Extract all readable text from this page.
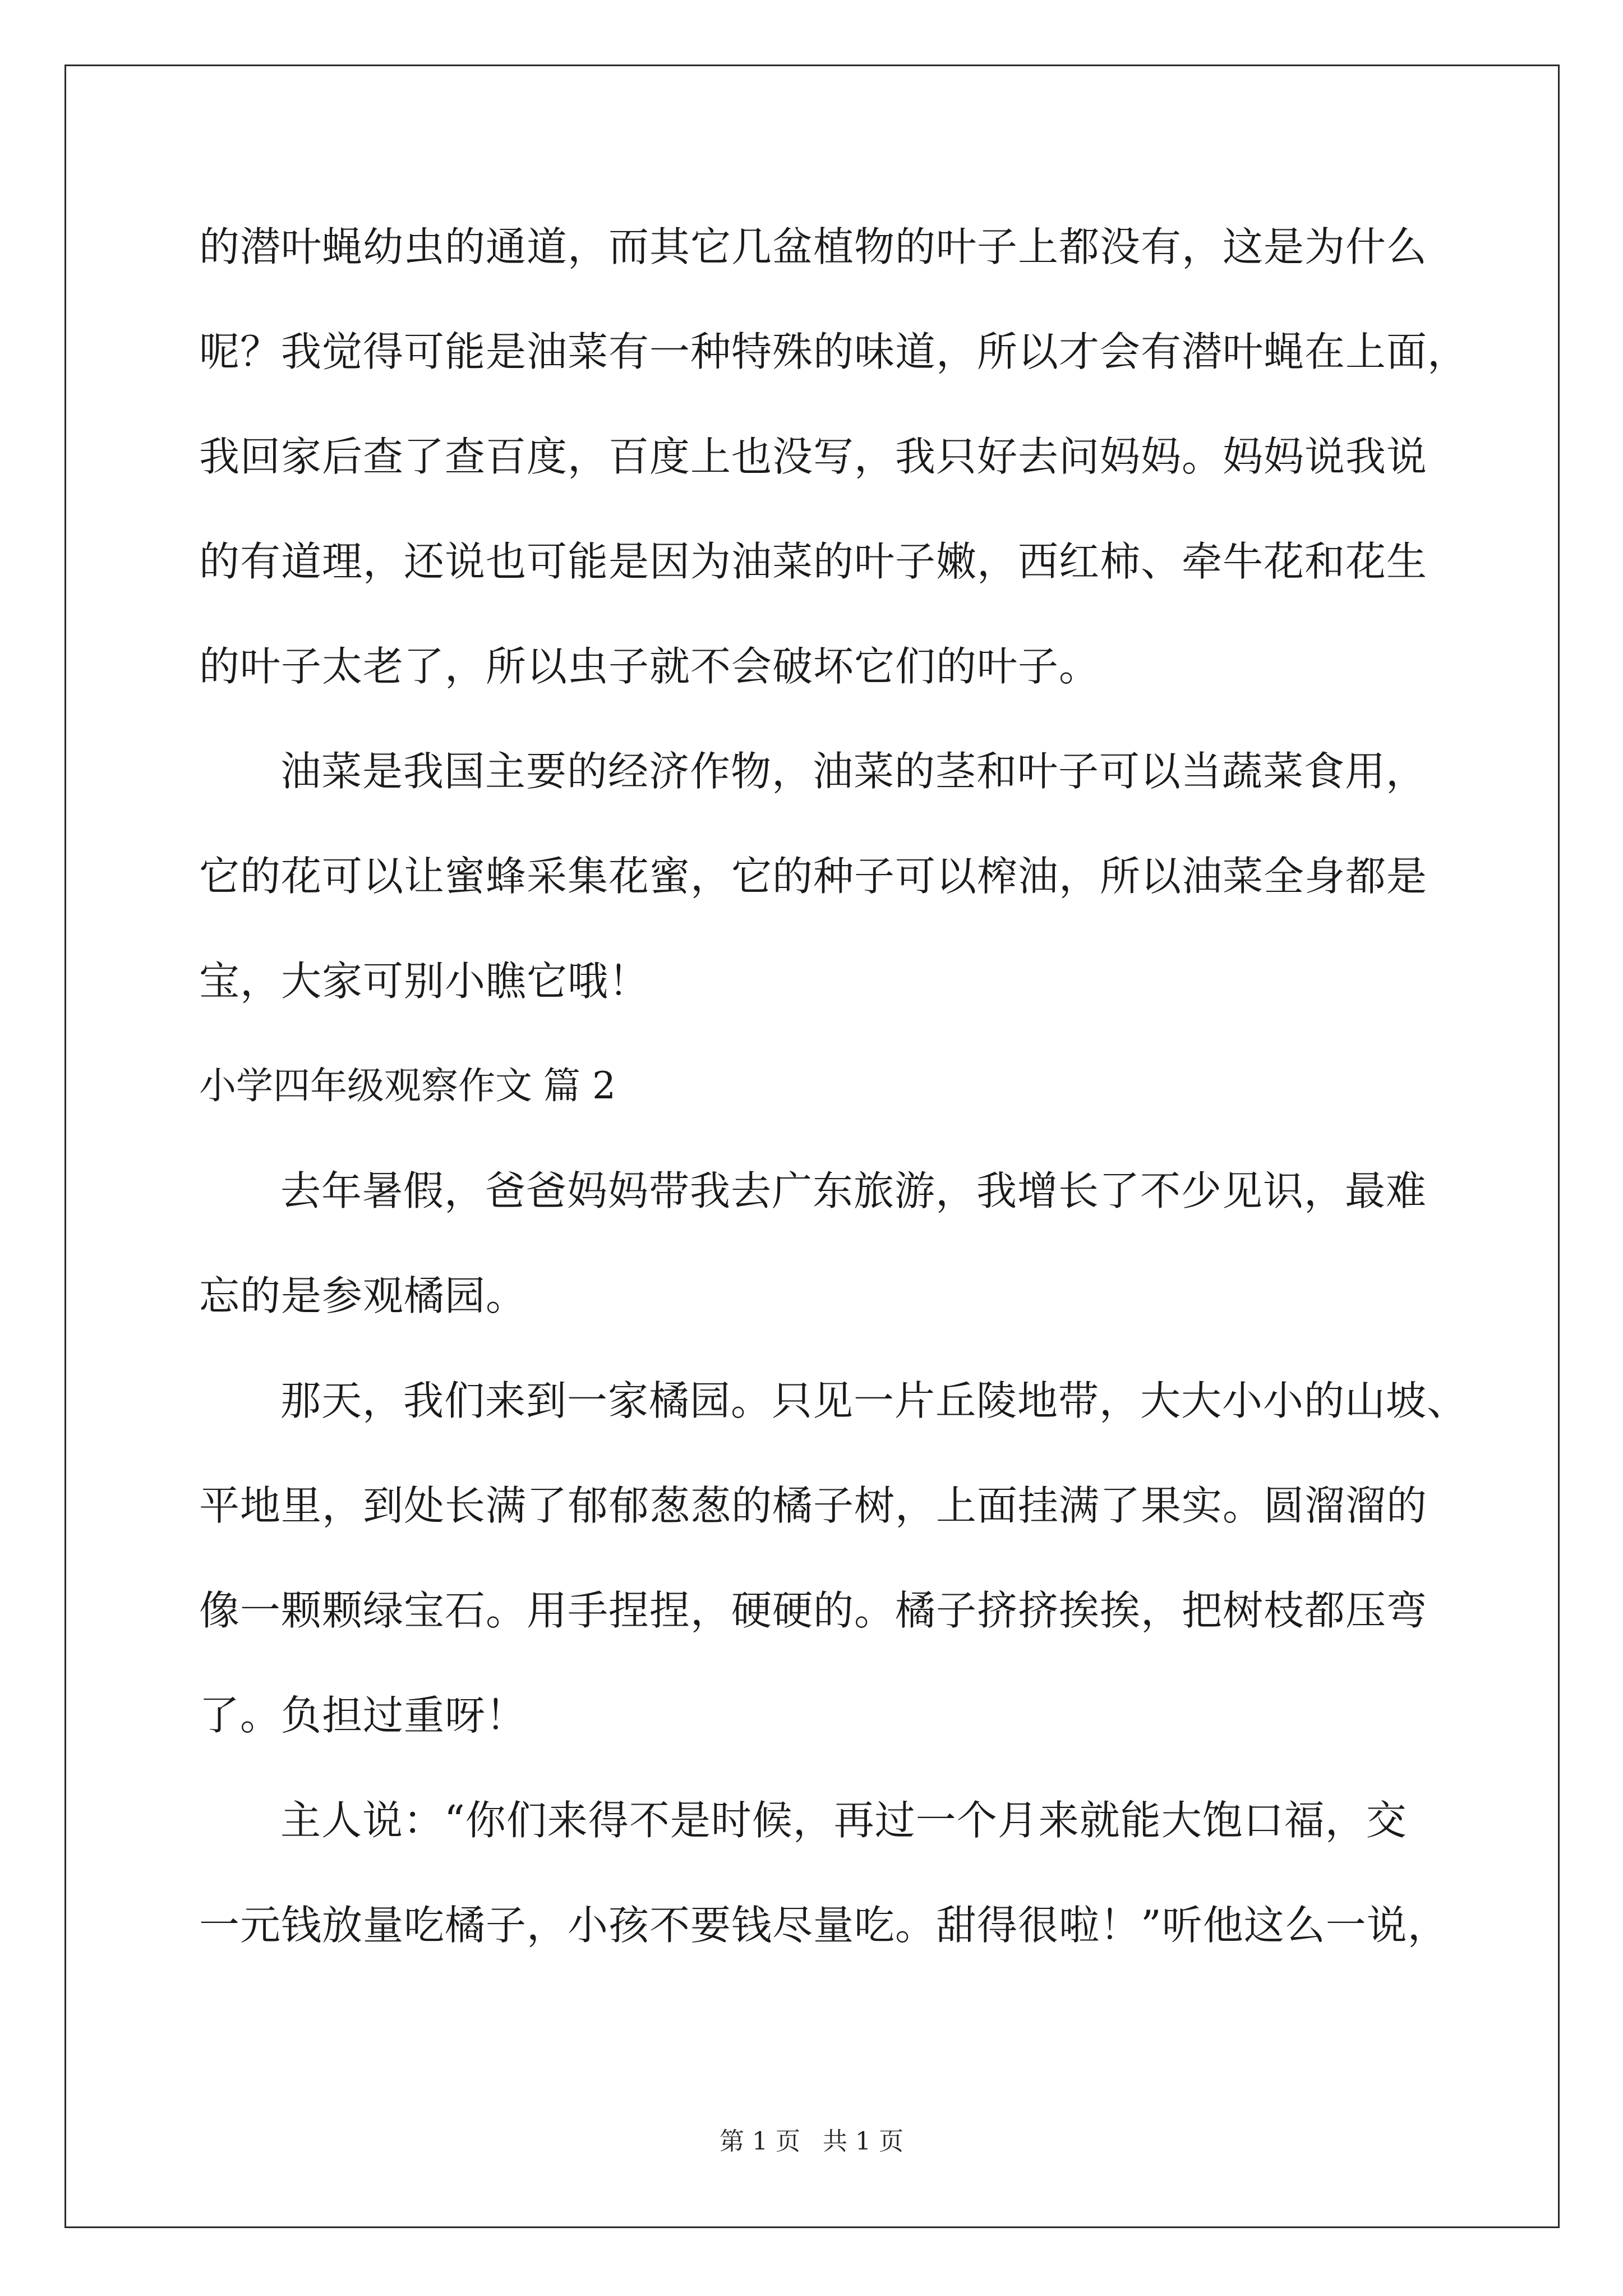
的潜叶蝇幼虫的通道，而其它几盆植物的叶子上都没有，这是为什么
呢？我觉得可能是油菜有一种特殊的味道，所以才会有潜叶蝇在上面，
我回家后查了查百度，百度上也没写，我只好去问妈妈。妈妈说我说
的有道理，还说也可能是因为油菜的叶子嫩，西红柿、牵牛花和花生
的叶子太老了，所以虫子就不会破坏它们的叶子。
油菜是我国主要的经济作物，油菜的茎和叶子可以当蔬菜食用，
它的花可以让蜜蜂采集花蜜，它的种子可以榨油，所以油菜全身都是
宝，大家可别小瞧它哦！
小学四年级观察作文 篇 2
去年暑假，爸爸妈妈带我去广东旅游，我增长了不少见识，最难
忘的是参观橘园。
那天，我们来到一家橘园。只见一片丘陵地带，大大小小的山坡、
平地里，到处长满了郁郁葱葱的橘子树，上面挂满了果实。圆溜溜的
像一颗颗绿宝石。用手捏捏，硬硬的。橘子挤挤挨挨，把树枝都压弯
了。负担过重呀！
主人说：“你们来得不是时候，再过一个月来就能大饱口福，交
一元钱放量吃橘子，小孩不要钱尽量吃。甜得很啦！”听他这么一说，
第 1 页 共 1 页
